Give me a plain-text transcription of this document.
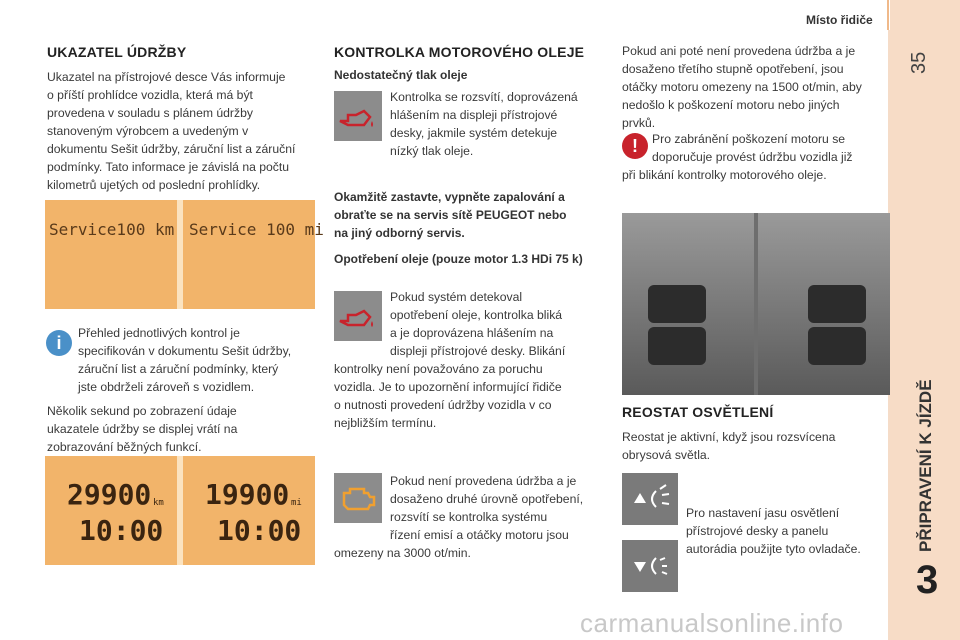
Místo řidiče
35
PŘIPRAVENÍ K JÍZDĚ
3
UKAZATEL ÚDRŽBY
Ukazatel na přístrojové desce Vás informuje
o příští prohlídce vozidla, která má být
provedena v souladu s plánem údržby
stanoveným výrobcem a uvedeným v
dokumentu Sešit údržby, záruční list a záruční
podmínky. Tato informace je závislá na počtu
kilometrů ujetých od poslední prohlídky.
Service100 km Service 100 mi
i	Přehled jednotlivých kontrol je
specifikován v dokumentu Sešit údržby,
záruční list a záruční podmínky, který
jste obdrželi zároveň s vozidlem.
Několik sekund po zobrazení údaje
ukazatele údržby se displej vrátí na
zobrazování běžných funkcí.
29900 km
10:00
19900 mi
10:00
KONTROLKA MOTOROVÉHO OLEJE
Nedostatečný tlak oleje
Kontrolka se rozsvítí, doprovázená
hlášením na displeji přístrojové
desky, jakmile systém detekuje
nízký tlak oleje.
Okamžitě zastavte, vypněte zapalování a
obraťte se na servis sítě PEUGEOT nebo
na jiný odborný servis.
Opotřebení oleje (pouze motor 1.3 HDi 75 k)
Pokud systém detekoval
opotřebení oleje, kontrolka bliká
a je doprovázena hlášením na
displeji přístrojové desky. Blikání
kontrolky není považováno za poruchu
vozidla. Je to upozornění informující řidiče
o nutnosti provedení údržby vozidla v co
nejbližším termínu.
Pokud není provedena údržba a je
dosaženo druhé úrovně opotřebení,
rozsvítí se kontrolka systému
řízení emisí a otáčky motoru jsou
omezeny na 3000 ot/min.
Pokud ani poté není provedena údržba a je
dosaženo třetího stupně opotřebení, jsou
otáčky motoru omezeny na 1500 ot/min, aby
nedošlo k poškození motoru nebo jiných
prvků.
!	Pro zabránění poškození motoru se
doporučuje provést údržbu vozidla již
při blikání kontrolky motorového oleje.
REOSTAT OSVĚTLENÍ
Reostat je aktivní, když jsou rozsvícena
obrysová světla.
Pro nastavení jasu osvětlení
přístrojové desky a panelu
autorádia použijte tyto ovladače.
carmanualsonline.info
